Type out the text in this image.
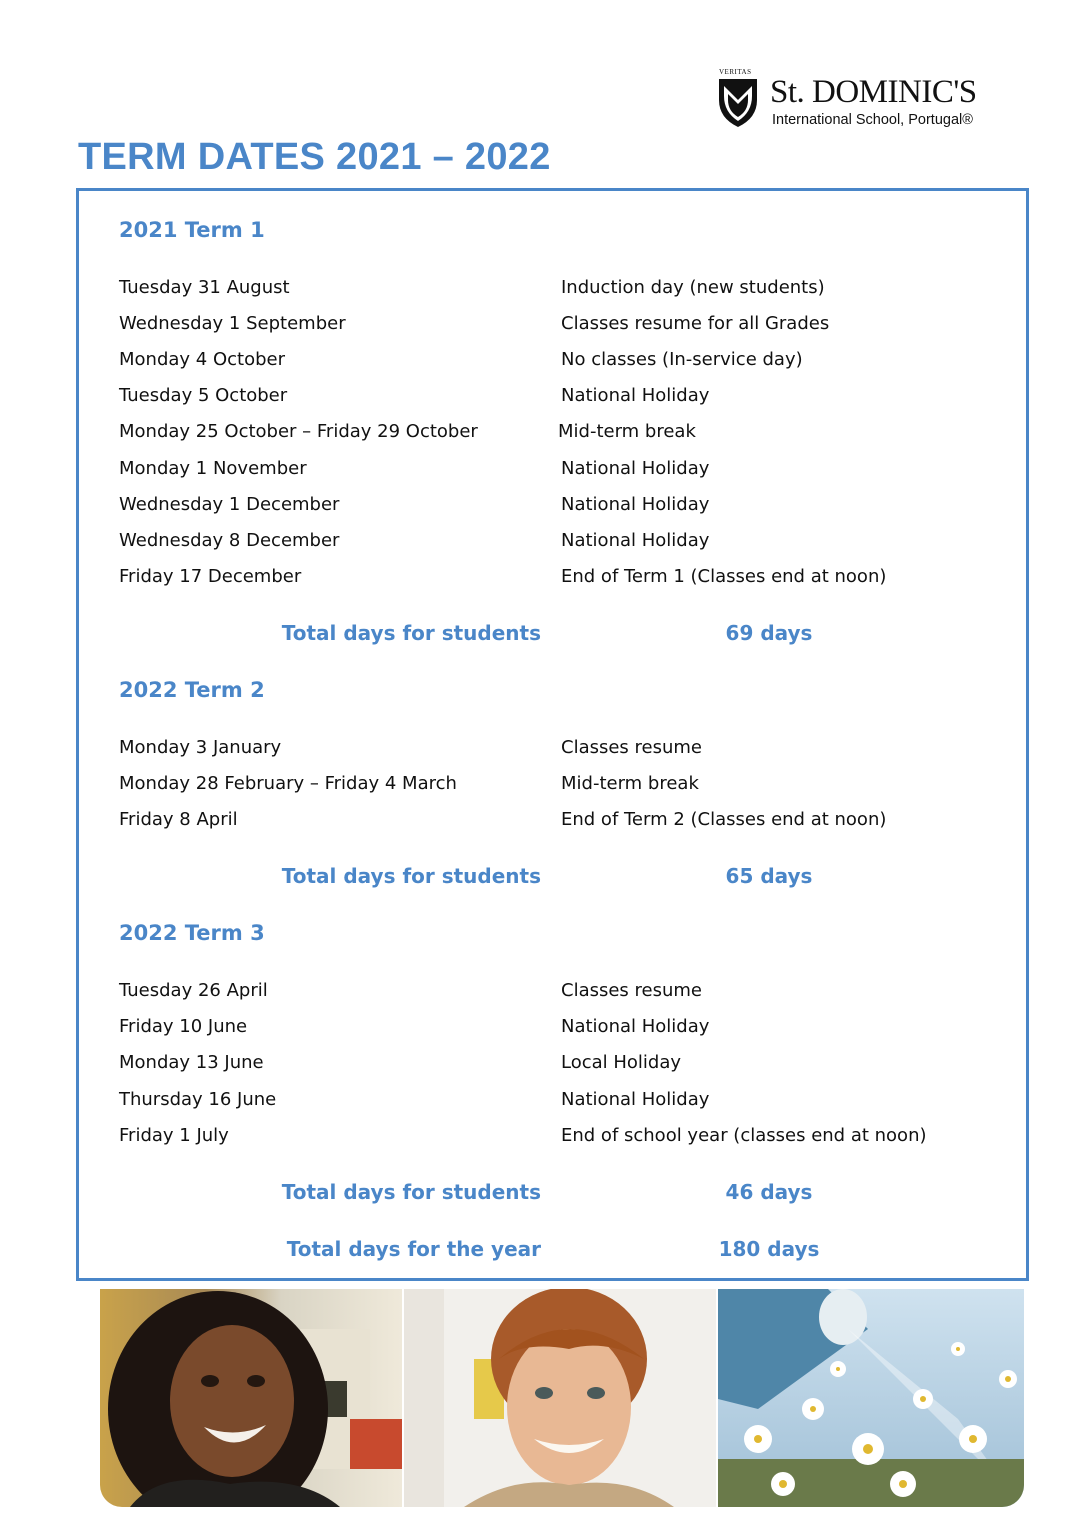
VERITAS
St. DOMINIC'S
International School, Portugal®
TERM DATES 2021 – 2022
2021 Term 1
Tuesday 31 August	Induction day (new students)
Wednesday 1 September	Classes resume for all Grades
Monday 4 October	No classes (In-service day)
Tuesday 5 October	National Holiday
Monday 25 October – Friday 29 October	Mid-term break
Monday 1 November	National Holiday
Wednesday 1 December	National Holiday
Wednesday 8 December	National Holiday
Friday 17 December	End of Term 1 (Classes end at noon)
Total days for students	69 days
2022 Term 2
Monday 3 January	Classes resume
Monday 28 February – Friday 4 March	Mid-term break
Friday 8 April	End of Term 2 (Classes end at noon)
Total days for students	65 days
2022 Term 3
Tuesday 26 April	Classes resume
Friday 10 June	National Holiday
Monday 13 June	Local Holiday
Thursday 16 June	National Holiday
Friday 1 July	End of school year (classes end at noon)
Total days for students	46 days
Total days for the year	180 days
